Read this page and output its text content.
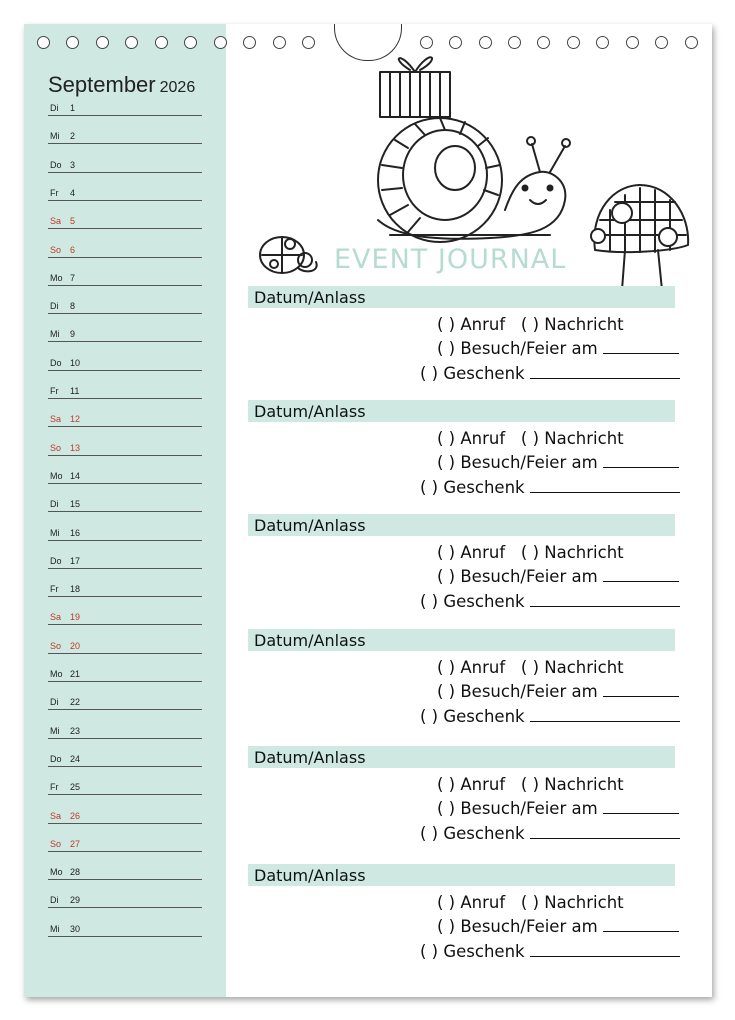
September 2026
Di 1
Mi 2
Do 3
Fr 4
Sa 5
So 6
Mo 7
Di 8
Mi 9
Do 10
Fr 11
Sa 12
So 13
Mo 14
Di 15
Mi 16
Do 17
Fr 18
Sa 19
So 20
Mo 21
Di 22
Mi 23
Do 24
Fr 25
Sa 26
So 27
Mo 28
Di 29
Mi 30
EVENT JOURNAL
Datum/Anlass
( ) Anruf ( ) Nachricht
( ) Besuch/Feier am
( ) Geschenk
Datum/Anlass
( ) Anruf ( ) Nachricht
( ) Besuch/Feier am
( ) Geschenk
Datum/Anlass
( ) Anruf ( ) Nachricht
( ) Besuch/Feier am
( ) Geschenk
Datum/Anlass
( ) Anruf ( ) Nachricht
( ) Besuch/Feier am
( ) Geschenk
Datum/Anlass
( ) Anruf ( ) Nachricht
( ) Besuch/Feier am
( ) Geschenk
Datum/Anlass
( ) Anruf ( ) Nachricht
( ) Besuch/Feier am
( ) Geschenk
